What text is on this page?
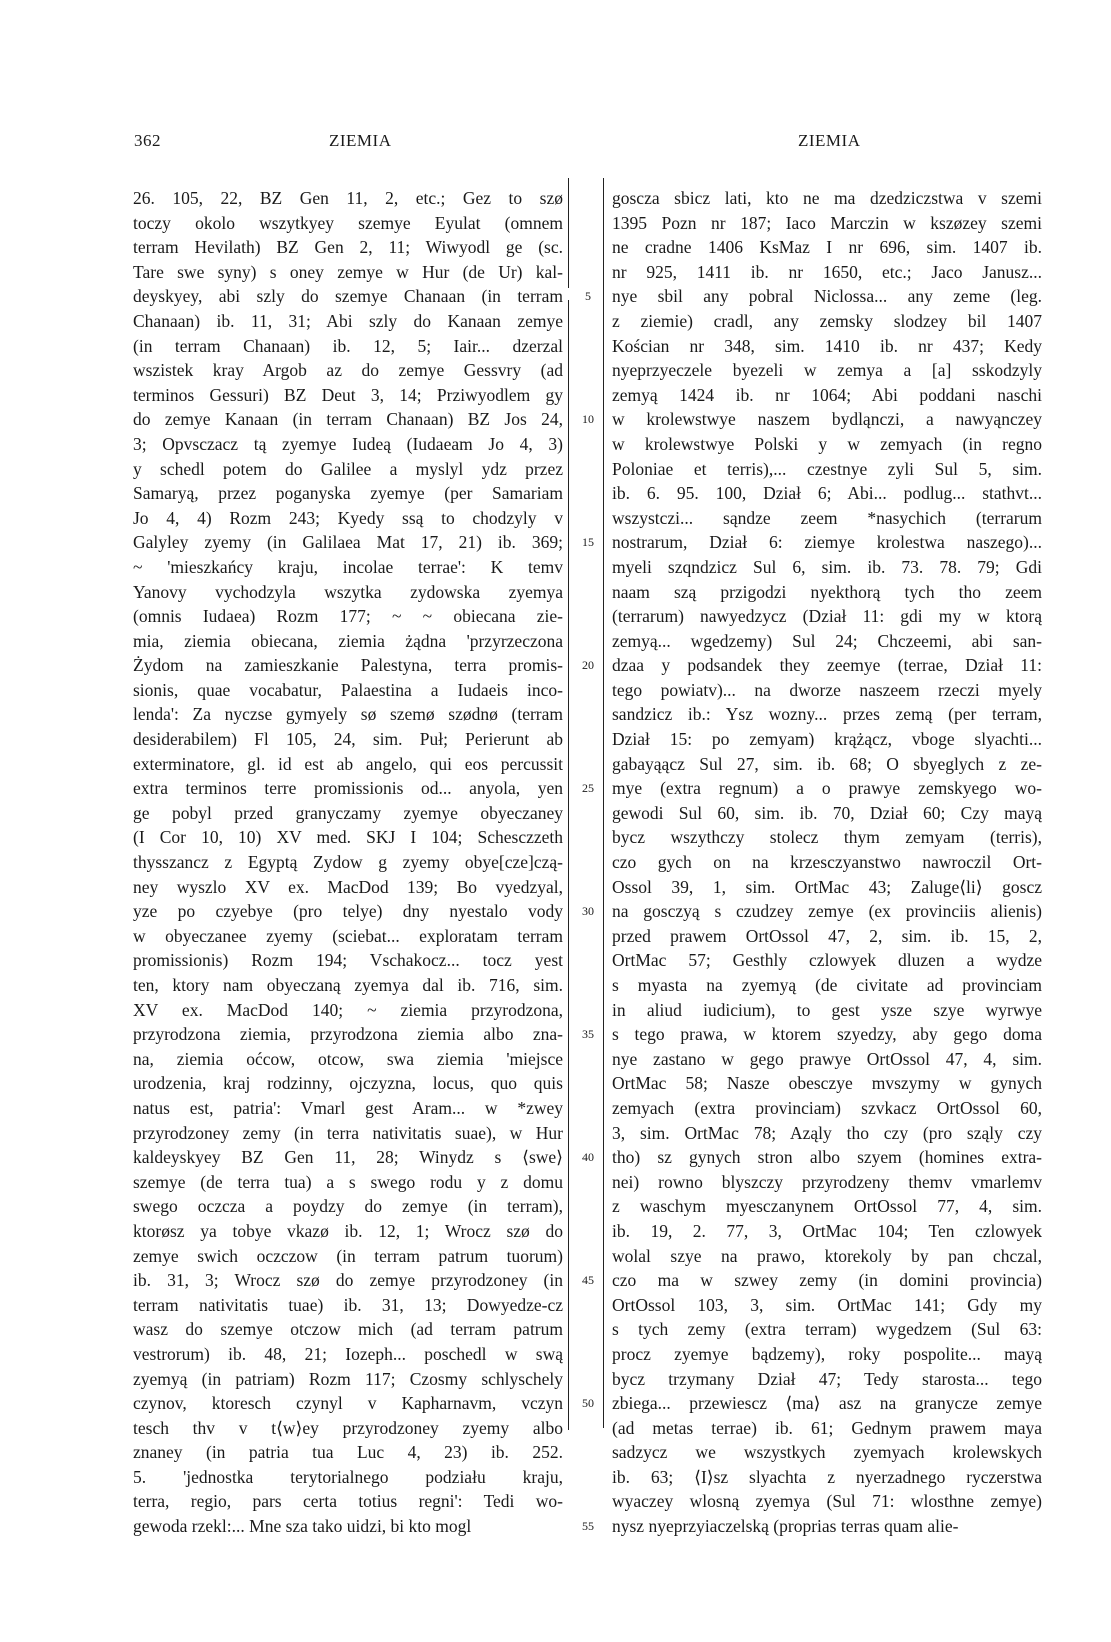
362	ZIEMIA	ZIEMIA
26. 105, 22, BZ Gen 11, 2, etc.; Gez to szø
toczy okolo wszytkyey szemye Eyulat (omnem
terram Hevilath) BZ Gen 2, 11; Wiwyodl ge (sc.
Tare swe syny) s oney zemye w Hur (de Ur) kal-
deyskyey, abi szly do szemye Chanaan (in terram
Chanaan) ib. 11, 31; Abi szly do Kanaan zemye
(in terram Chanaan) ib. 12, 5; Iair... dzerzal
wszistek kray Argob az do zemye Gessvry (ad
terminos Gessuri) BZ Deut 3, 14; Prziwyodlem gy
do zemye Kanaan (in terram Chanaan) BZ Jos 24,
3; Opvsczacz tą zyemye Iudeą (Iudaeam Jo 4, 3)
y schedl potem do Galilee a myslyl ydz przez
Samaryą, przez poganyska zyemye (per Samariam
Jo 4, 4) Rozm 243; Kyedy ssą to chodzyly v
Galyley zyemy (in Galilaea Mat 17, 21) ib. 369;
~ 'mieszkańcy kraju, incolae terrae': K temv
Yanovy vychodzyla wszytka zydowska zyemya
(omnis Iudaea) Rozm 177; ~ ~ obiecana zie-
mia, ziemia obiecana, ziemia żądna 'przyrzeczona
Żydom na zamieszkanie Palestyna, terra promis-
sionis, quae vocabatur, Palaestina a Iudaeis inco-
lenda': Za nyczse gymyely sø szemø szødnø (terram
desiderabilem) Fl 105, 24, sim. Puł; Perierunt ab
exterminatore, gl. id est ab angelo, qui eos percussit
extra terminos terre promissionis od... anyola, yen
ge pobyl przed granyczamy zyemye obyeczaney
(I Cor 10, 10) XV med. SKJ I 104; Schesczzeth
thysszancz z Egyptą Zydow g zyemy obye[cze]czą-
ney wyszlo XV ex. MacDod 139; Bo vyedzyal,
yze po czyebye (pro telye) dny nyestalo vody
w obyeczanee zyemy (sciebat... exploratam terram
promissionis) Rozm 194; Vschakocz... tocz yest
ten, ktory nam obyeczaną zyemya dal ib. 716, sim.
XV ex. MacDod 140; ~ ziemia przyrodzona,
przyrodzona ziemia, przyrodzona ziemia albo zna-
na, ziemia oćcow, otcow, swa ziemia 'miejsce
urodzenia, kraj rodzinny, ojczyzna, locus, quo quis
natus est, patria': Vmarl gest Aram... w *zwey
przyrodzoney zemy (in terra nativitatis suae), w Hur
kaldeyskyey BZ Gen 11, 28; Winydz s ⟨swe⟩
szemye (de terra tua) a s swego rodu y z domu
swego oczcza a poydzy do zemye (in terram),
ktorøsz ya tobye vkazø ib. 12, 1; Wrocz szø do
zemye swich oczczow (in terram patrum tuorum)
ib. 31, 3; Wrocz szø do zemye przyrodzoney (in
terram nativitatis tuae) ib. 31, 13; Dowyedze-cz
wasz do szemye otczow mich (ad terram patrum
vestrorum) ib. 48, 21; Iozeph... poschedl w swą
zyemyą (in patriam) Rozm 117; Czosmy schlyschely
czynov, ktoresch czynyl v Kapharnavm, vczyn
tesch thv v t⟨w⟩ey przyrodzoney zyemy albo
znaney (in patria tua Luc 4, 23) ib. 252.
5. 'jednostka terytorialnego podziału kraju,
terra, regio, pars certa totius regni': Tedi wo-
gewoda rzekl:... Mne sza tako uidzi, bi kto mogl
5
10
15
20
25
30
35
40
45
50
55
goscza sbicz lati, kto ne ma dzedziczstwa v szemi
1395 Pozn nr 187; Iaco Marczin w kszøzey szemi
ne cradne 1406 KsMaz I nr 696, sim. 1407 ib.
nr 925, 1411 ib. nr 1650, etc.; Jaco Janusz...
nye sbil any pobral Niclossa... any zeme (leg.
z ziemie) cradl, any zemsky slodzey bil 1407
Kościan nr 348, sim. 1410 ib. nr 437; Kedy
nyeprzyeczele byezeli w zemya a [a] sskodzyly
zemyą 1424 ib. nr 1064; Abi poddani naschi
w krolewstwye naszem bydląnczi, a nawyąnczey
w krolewstwye Polski y w zemyach (in regno
Poloniae et terris),... czestnye zyli Sul 5, sim.
ib. 6. 95. 100, Dział 6; Abi... podlug... stathvt...
wszystczi... sąndze zeem *nasychich (terrarum
nostrarum, Dział 6: ziemye krolestwa naszego)...
myeli szqndzicz Sul 6, sim. ib. 73. 78. 79; Gdi
naam szą przigodzi nyekthorą tych tho zeem
(terrarum) nawyedzycz (Dział 11: gdi my w ktorą
zemyą... wgedzemy) Sul 24; Chczeemi, abi san-
dzaa y podsandek they zeemye (terrae, Dział 11:
tego powiatv)... na dworze naszeem rzeczi myely
sandzicz ib.: Ysz wozny... przes zemą (per terram,
Dział 15: po zemyam) krążącz, vboge slyachti...
gabayąącz Sul 27, sim. ib. 68; O sbyeglych z ze-
mye (extra regnum) a o prawye zemskyego wo-
gewodi Sul 60, sim. ib. 70, Dział 60; Czy mayą
bycz wszythczy stolecz thym zemyam (terris),
czo gych on na krzesczyanstwo nawroczil Ort-
Ossol 39, 1, sim. OrtMac 43; Zaluge⟨li⟩ goscz
na gosczyą s czudzey zemye (ex provinciis alienis)
przed prawem OrtOssol 47, 2, sim. ib. 15, 2,
OrtMac 57; Gesthly czlowyek dluzen a wydze
s myasta na zyemyą (de civitate ad provinciam
in aliud iudicium), to gest ysze szye wyrwye
s tego prawa, w ktorem szyedzy, aby gego doma
nye zastano w gego prawye OrtOssol 47, 4, sim.
OrtMac 58; Nasze obesczye mvszymy w gynych
zemyach (extra provinciam) szvkacz OrtOssol 60,
3, sim. OrtMac 78; Aząly tho czy (pro sząly czy
tho) sz gynych stron albo szyem (homines extra-
nei) rowno blyszczy przyrodzeny themv vmarlemv
z waschym myesczanynem OrtOssol 77, 4, sim.
ib. 19, 2. 77, 3, OrtMac 104; Ten czlowyek
wolal szye na prawo, ktorekoly by pan chczal,
czo ma w szwey zemy (in domini provincia)
OrtOssol 103, 3, sim. OrtMac 141; Gdy my
s tych zemy (extra terram) wygedzem (Sul 63:
procz zyemye bądzemy), roky pospolite... mayą
bycz trzymany Dział 47; Tedy starosta... tego
zbiega... przewiescz ⟨ma⟩ asz na granycze zemye
(ad metas terrae) ib. 61; Gednym prawem maya
sadzycz we wszystkych zyemyach krolewskych
ib. 63; ⟨I⟩sz slyachta z nyerzadnego ryczerstwa
wyaczey wlosną zyemya (Sul 71: wlosthne zemye)
nysz nyeprzyiaczelską (proprias terras quam alie-
